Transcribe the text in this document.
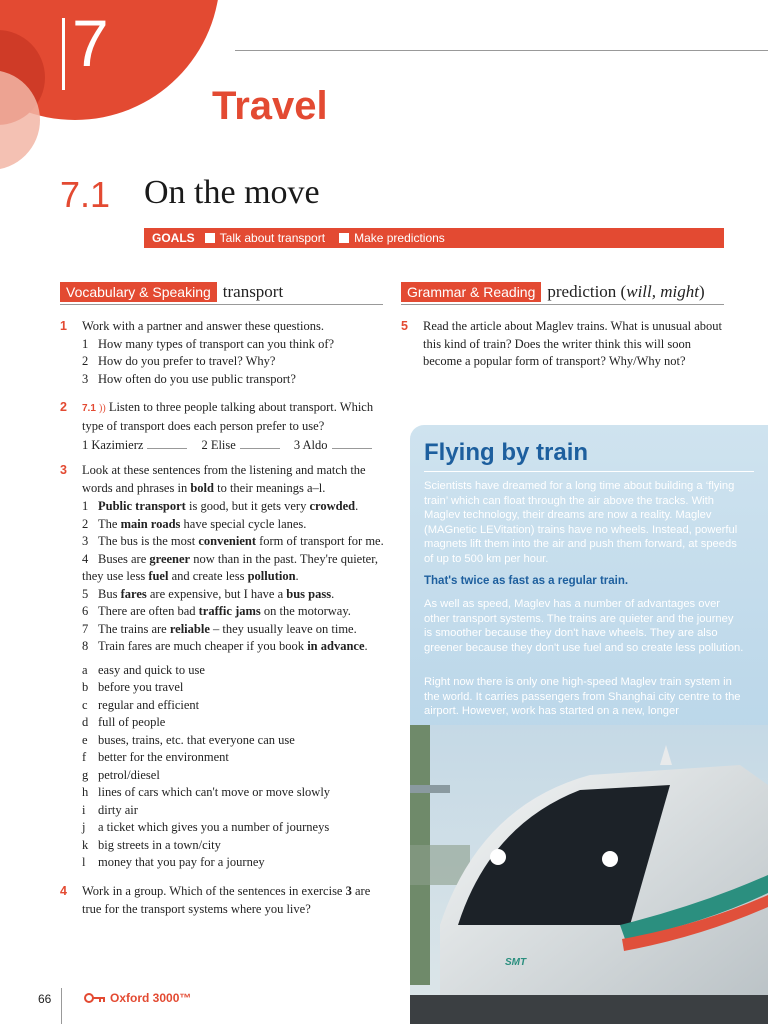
7
Travel
7.1 On the move
GOALS Talk about transport Make predictions
Vocabulary & Speaking transport	Grammar & Reading prediction (will, might)
1 Work with a partner and answer these questions.
1 How many types of transport can you think of?
2 How do you prefer to travel? Why?
3 How often do you use public transport?
2 7.1 )) Listen to three people talking about transport. Which type of transport does each person prefer to use?
1 Kazimierz	2 Elise	3 Aldo
3 Look at these sentences from the listening and match the words and phrases in bold to their meanings a–l.
1 Public transport is good, but it gets very crowded.
2 The main roads have special cycle lanes.
3 The bus is the most convenient form of transport for me.
4 Buses are greener now than in the past. They're quieter,
they use less fuel and create less pollution.
5 Bus fares are expensive, but I have a bus pass.
6 There are often bad traffic jams on the motorway.
7 The trains are reliable – they usually leave on time.
8 Train fares are much cheaper if you book in advance.
a easy and quick to use
b before you travel
c regular and efficient
d full of people
e buses, trains, etc. that everyone can use
f better for the environment
g petrol/diesel
h lines of cars which can't move or move slowly
i	dirty air
j	a ticket which gives you a number of journeys
k big streets in a town/city
l	money that you pay for a journey
4 Work in a group. Which of the sentences in exercise 3 are true for the transport systems where you live?
5 Read the article about Maglev trains. What is unusual about this kind of train? Does the writer think this will soon become a popular form of transport? Why/Why not?
Flying by train
Scientists have dreamed for a long time about building a ‘flying train’ which can float through the air above the tracks. With Maglev technology, their dreams are now a reality. Maglev (MAGnetic LEVitation) trains have no wheels. Instead, powerful magnets lift them into the air and push them forward, at speeds of up to 500 km per hour.
That's twice as fast as a regular train.
As well as speed, Maglev has a number of advantages over other transport systems. The trains are quieter and the journey is smoother because they don't have wheels. They are also greener because they don't use fuel and so create less pollution.
Right now there is only one high-speed Maglev train system in the world. It carries passengers from Shanghai city centre to the airport. However, work has started on a new, longer
SMT
66	Oxford 3000™
